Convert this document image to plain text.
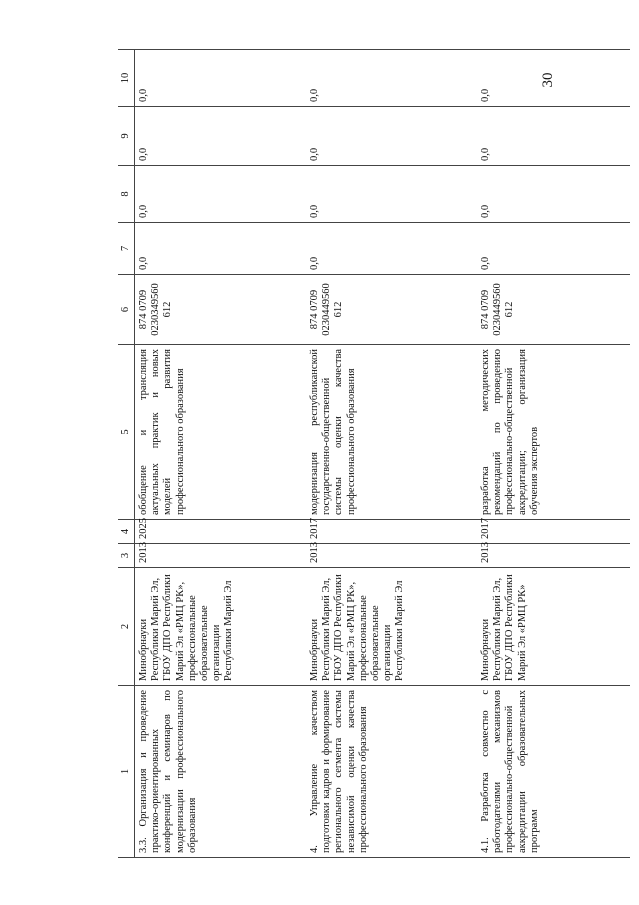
30
1	2	3	4	5	6	7	8	9	10
3.3. Организация и проведение практико-ориентированных конференций и семинаров по модернизации профессионального образования	Минобрнауки Республики Марий Эл, ГБОУ ДПО Республики Марий Эл «РМЦ РК», профессиональные образовательные организации Республики Марий Эл	2013	2025	обобщение и трансляция актуальных практик и новых моделей развития профессионального образования	874 0709 0230349560 612	0,0	0,0	0,0	0,0
4. Управление качеством подготовки кадров и формирование регионального сегмента системы независимой оценки качества профессионального образования	Минобрнауки Республики Марий Эл, ГБОУ ДПО Республики Марий Эл «РМЦ РК», профессиональные образовательные организации Республики Марий Эл	2013	2017	модернизация республиканской государственно-общественной системы оценки качества профессионального образования	874 0709 0230449560 612	0,0	0,0	0,0	0,0
4.1. Разработка совместно с работодателями механизмов профессионально-общественной аккредитации образовательных программ	Минобрнауки Республики Марий Эл, ГБОУ ДПО Республики Марий Эл «РМЦ РК»	2013	2017	разработка методических рекомендаций по проведению профессионально-общественной аккредитации; организация обучения экспертов	874 0709 0230449560 612	0,0	0,0	0,0	0,0
